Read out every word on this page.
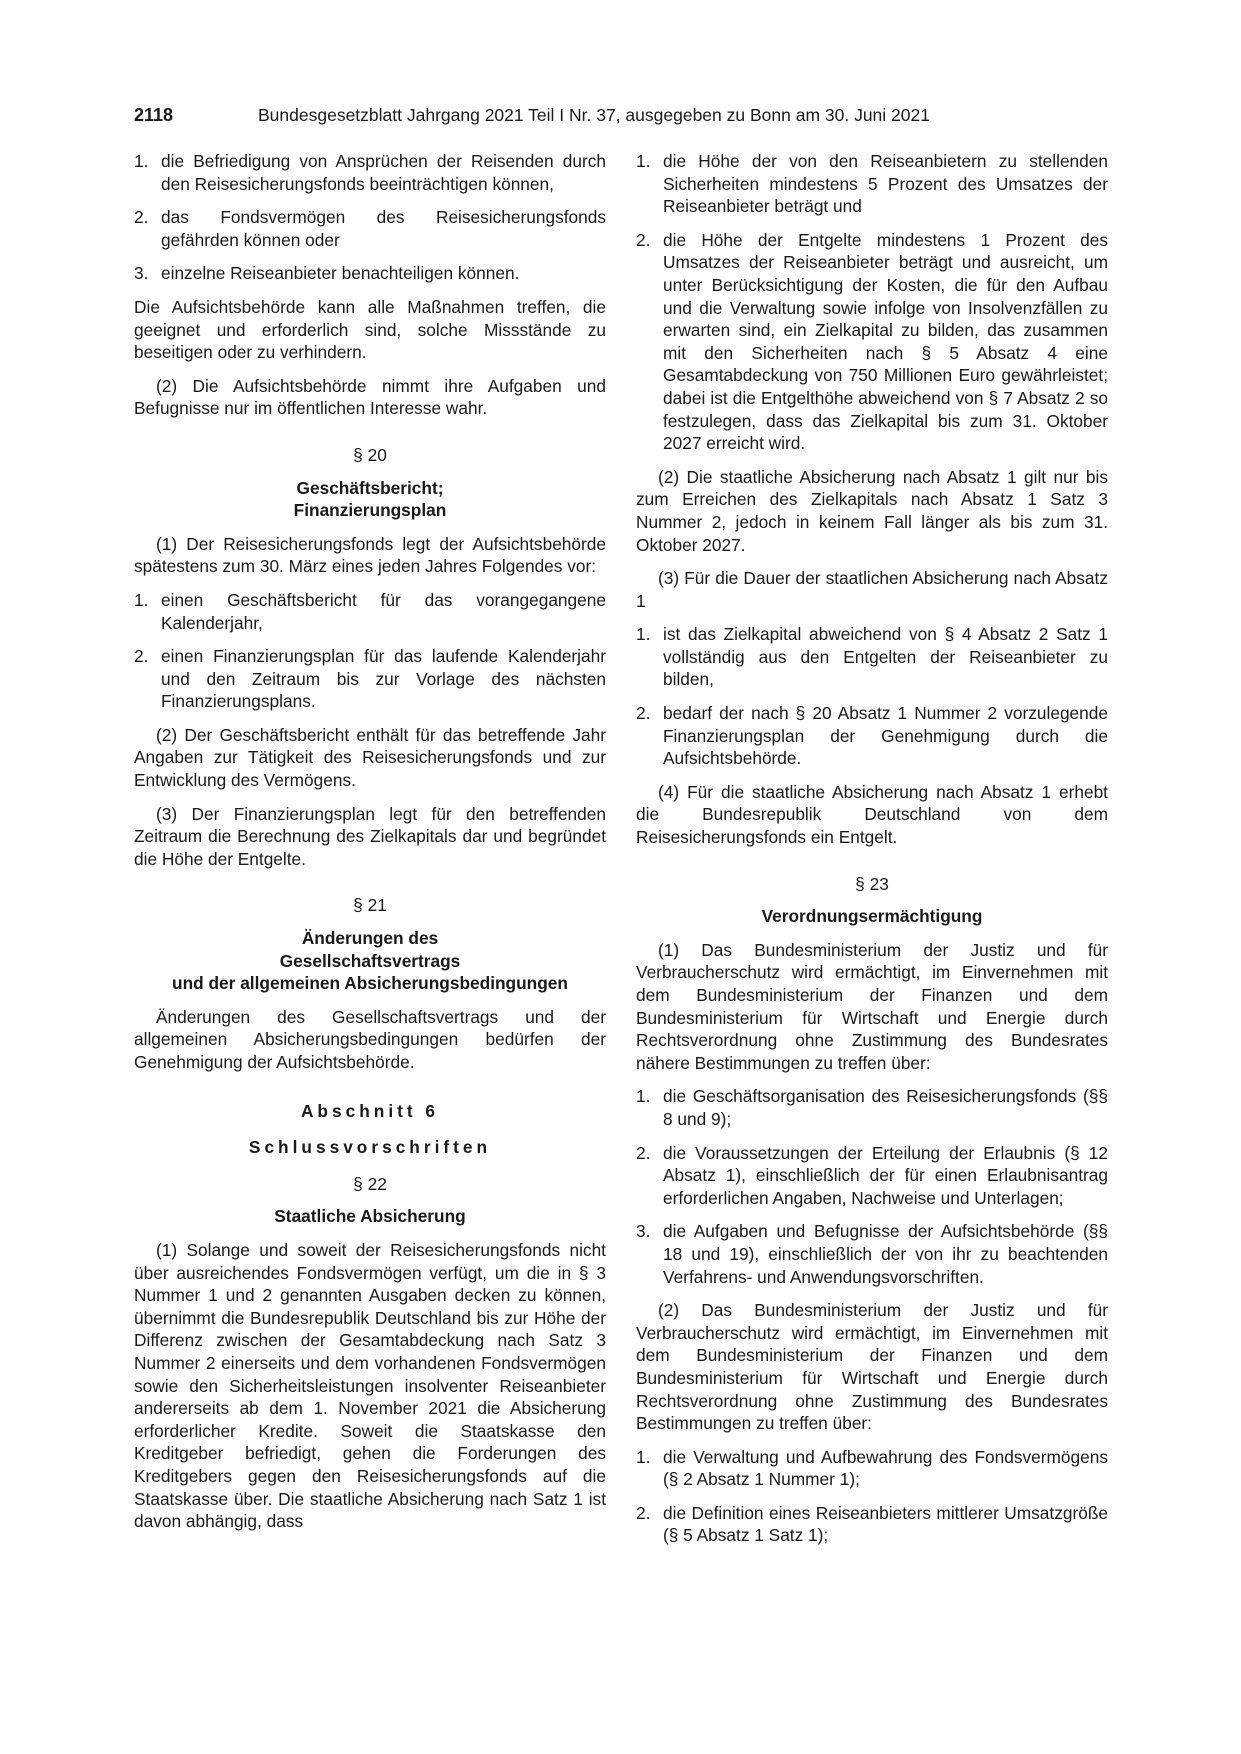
2118	Bundesgesetzblatt Jahrgang 2021 Teil I Nr. 37, ausgegeben zu Bonn am 30. Juni 2021
1. die Befriedigung von Ansprüchen der Reisenden durch den Reisesicherungsfonds beeinträchtigen können,
2. das Fondsvermögen des Reisesicherungsfonds gefährden können oder
3. einzelne Reiseanbieter benachteiligen können.

Die Aufsichtsbehörde kann alle Maßnahmen treffen, die geeignet und erforderlich sind, solche Missstände zu beseitigen oder zu verhindern.

(2) Die Aufsichtsbehörde nimmt ihre Aufgaben und Befugnisse nur im öffentlichen Interesse wahr.

§ 20
Geschäftsbericht;
Finanzierungsplan

(1) Der Reisesicherungsfonds legt der Aufsichtsbehörde spätestens zum 30. März eines jeden Jahres Folgendes vor:

1. einen Geschäftsbericht für das vorangegangene Kalenderjahr,
2. einen Finanzierungsplan für das laufende Kalenderjahr und den Zeitraum bis zur Vorlage des nächsten Finanzierungsplans.

(2) Der Geschäftsbericht enthält für das betreffende Jahr Angaben zur Tätigkeit des Reisesicherungsfonds und zur Entwicklung des Vermögens.

(3) Der Finanzierungsplan legt für den betreffenden Zeitraum die Berechnung des Zielkapitals dar und begründet die Höhe der Entgelte.

§ 21
Änderungen des
Gesellschaftsvertrags
und der allgemeinen Absicherungsbedingungen

Änderungen des Gesellschaftsvertrags und der allgemeinen Absicherungsbedingungen bedürfen der Genehmigung der Aufsichtsbehörde.

Abschnitt 6
Schlussvorschriften
§ 22
Staatliche Absicherung

(1) Solange und soweit der Reisesicherungsfonds nicht über ausreichendes Fondsvermögen verfügt, um die in § 3 Nummer 1 und 2 genannten Ausgaben decken zu können, übernimmt die Bundesrepublik Deutschland bis zur Höhe der Differenz zwischen der Gesamtabdeckung nach Satz 3 Nummer 2 einerseits und dem vorhandenen Fondsvermögen sowie den Sicherheitsleistungen insolventer Reiseanbieter andererseits ab dem 1. November 2021 die Absicherung erforderlicher Kredite. Soweit die Staatskasse den Kreditgeber befriedigt, gehen die Forderungen des Kreditgebers gegen den Reisesicherungsfonds auf die Staatskasse über. Die staatliche Absicherung nach Satz 1 ist davon abhängig, dass

1. die Höhe der von den Reiseanbietern zu stellenden Sicherheiten mindestens 5 Prozent des Umsatzes der Reiseanbieter beträgt und
2. die Höhe der Entgelte mindestens 1 Prozent des Umsatzes der Reiseanbieter beträgt und ausreicht, um unter Berücksichtigung der Kosten, die für den Aufbau und die Verwaltung sowie infolge von Insolvenzfällen zu erwarten sind, ein Zielkapital zu bilden, das zusammen mit den Sicherheiten nach § 5 Absatz 4 eine Gesamtabdeckung von 750 Millionen Euro gewährleistet; dabei ist die Entgelthöhe abweichend von § 7 Absatz 2 so festzulegen, dass das Zielkapital bis zum 31. Oktober 2027 erreicht wird.

(2) Die staatliche Absicherung nach Absatz 1 gilt nur bis zum Erreichen des Zielkapitals nach Absatz 1 Satz 3 Nummer 2, jedoch in keinem Fall länger als bis zum 31. Oktober 2027.

(3) Für die Dauer der staatlichen Absicherung nach Absatz 1

1. ist das Zielkapital abweichend von § 4 Absatz 2 Satz 1 vollständig aus den Entgelten der Reiseanbieter zu bilden,
2. bedarf der nach § 20 Absatz 1 Nummer 2 vorzulegende Finanzierungsplan der Genehmigung durch die Aufsichtsbehörde.

(4) Für die staatliche Absicherung nach Absatz 1 erhebt die Bundesrepublik Deutschland von dem Reisesicherungsfonds ein Entgelt.

§ 23
Verordnungsermächtigung

(1) Das Bundesministerium der Justiz und für Verbraucherschutz wird ermächtigt, im Einvernehmen mit dem Bundesministerium der Finanzen und dem Bundesministerium für Wirtschaft und Energie durch Rechtsverordnung ohne Zustimmung des Bundesrates nähere Bestimmungen zu treffen über:

1. die Geschäftsorganisation des Reisesicherungsfonds (§§ 8 und 9);
2. die Voraussetzungen der Erteilung der Erlaubnis (§ 12 Absatz 1), einschließlich der für einen Erlaubnisantrag erforderlichen Angaben, Nachweise und Unterlagen;
3. die Aufgaben und Befugnisse der Aufsichtsbehörde (§§ 18 und 19), einschließlich der von ihr zu beachtenden Verfahrens- und Anwendungsvorschriften.

(2) Das Bundesministerium der Justiz und für Verbraucherschutz wird ermächtigt, im Einvernehmen mit dem Bundesministerium der Finanzen und dem Bundesministerium für Wirtschaft und Energie durch Rechtsverordnung ohne Zustimmung des Bundesrates Bestimmungen zu treffen über:

1. die Verwaltung und Aufbewahrung des Fondsvermögens (§ 2 Absatz 1 Nummer 1);
2. die Definition eines Reiseanbieters mittlerer Umsatzgröße (§ 5 Absatz 1 Satz 1);
